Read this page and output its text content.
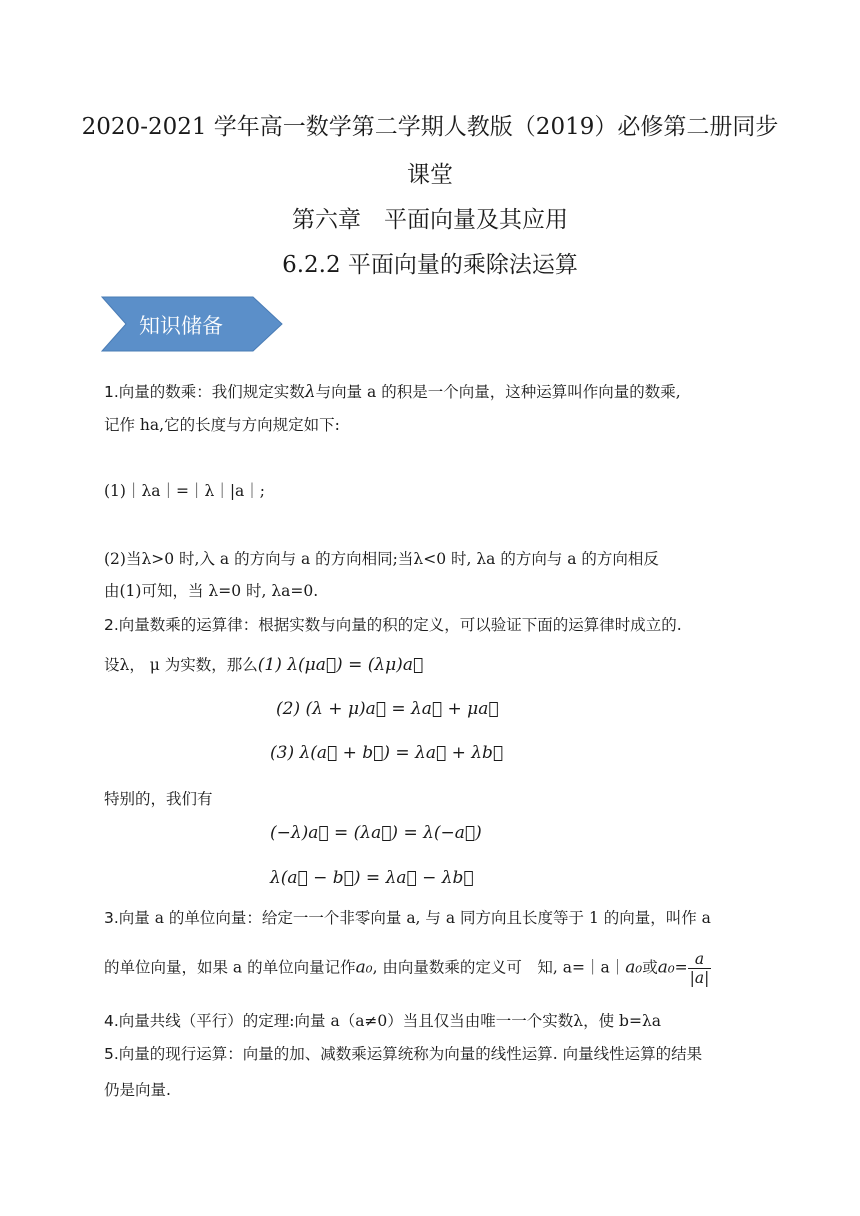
2020-2021 学年高一数学第二学期人教版（2019）必修第二册同步
课堂
第六章　平面向量及其应用
6.2.2 平面向量的乘除法运算
知识储备
1.向量的数乘：我们规定实数λ与向量 a 的积是一个向量，这种运算叫作向量的数乘,
记作 ha,它的长度与方向规定如下:
(1)｜λa｜=｜λ｜|a｜;
(2)当λ>0 时,入 a 的方向与 a 的方向相同;当λ<0 时, λa 的方向与 a 的方向相反
由(1)可知，当 λ=0 时, λa=0.
2.向量数乘的运算律：根据实数与向量的积的定义，可以验证下面的运算律时成立的.
设λ， μ 为实数，那么(1) λ(μa⃗) = (λμ)a⃗
(2) (λ + μ)a⃗ = λa⃗ + μa⃗
(3) λ(a⃗ + b⃗) = λa⃗ + λb⃗
特别的，我们有
(−λ)a⃗ = (λa⃗) = λ(−a⃗)
λ(a⃗ − b⃗) = λa⃗ − λb⃗
3.向量 a 的单位向量：给定一一个非零向量 a, 与 a 同方向且长度等于 1 的向量，叫作 a
的单位向量，如果 a 的单位向量记作a₀, 由向量数乘的定义可　知, a=｜a｜a₀或$a_0= \frac{a}{|a|}$
4.向量共线（平行）的定理:向量 a（a≠0）当且仅当由唯一一个实数λ，使 b=λa
5.向量的现行运算：向量的加、减数乘运算统称为向量的线性运算. 向量线性运算的结果
仍是向量.
